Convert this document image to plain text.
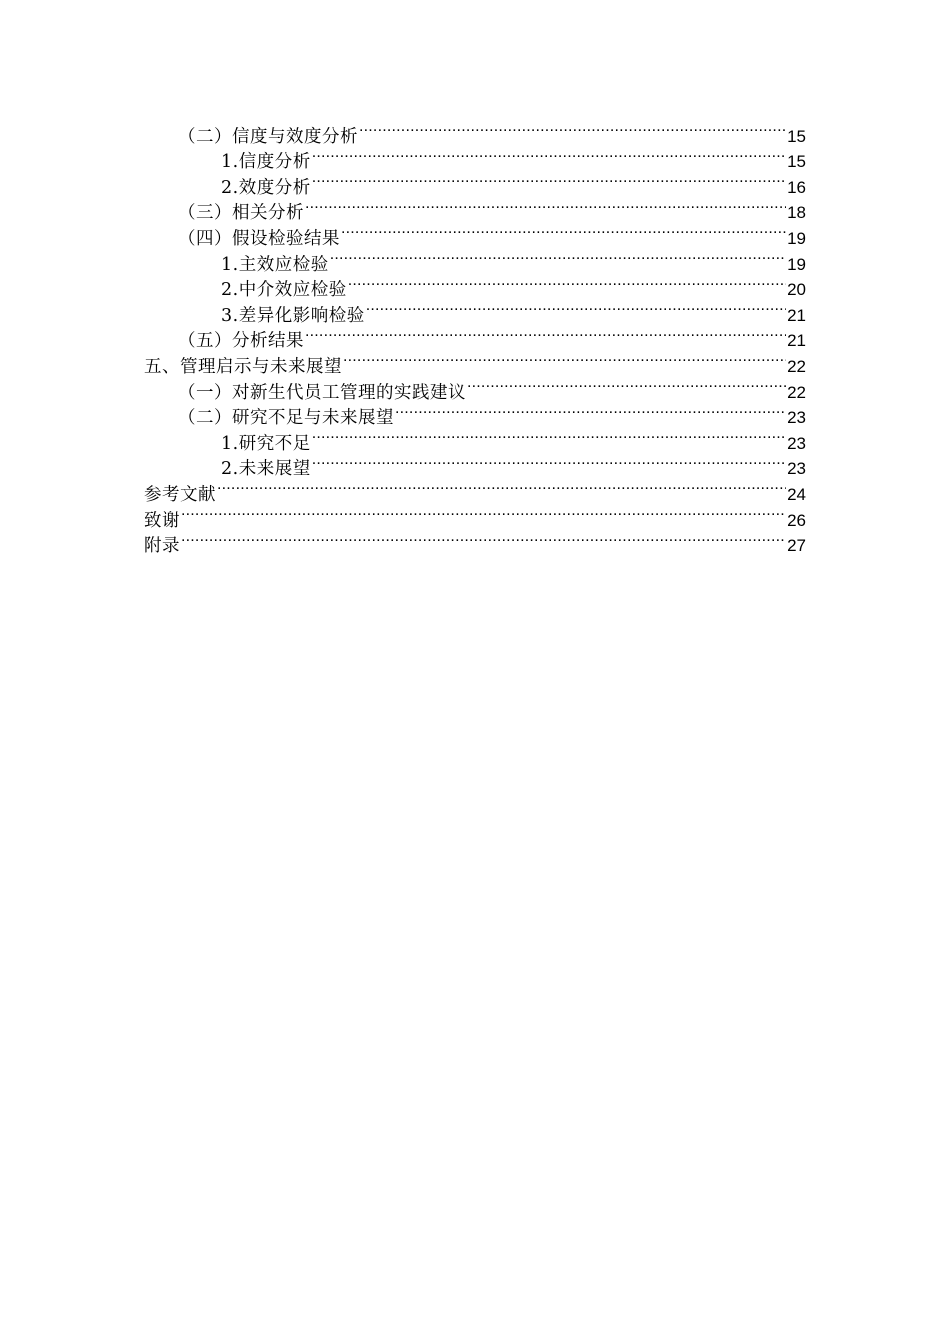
（二）信度与效度分析 .....	15
1.信度分析 .....	15
2.效度分析 .....	16
（三）相关分析 .....	18
（四）假设检验结果 .....	19
1.主效应检验 .....	19
2.中介效应检验 .....	20
3.差异化影响检验 .....	21
（五）分析结果 .....	21
五、管理启示与未来展望 .....	22
（一）对新生代员工管理的实践建议 .....	22
（二）研究不足与未来展望 .....	23
1.研究不足 .....	23
2.未来展望 .....	23
参考文献 .....	24
致谢 .....	26
附录 .....	27
